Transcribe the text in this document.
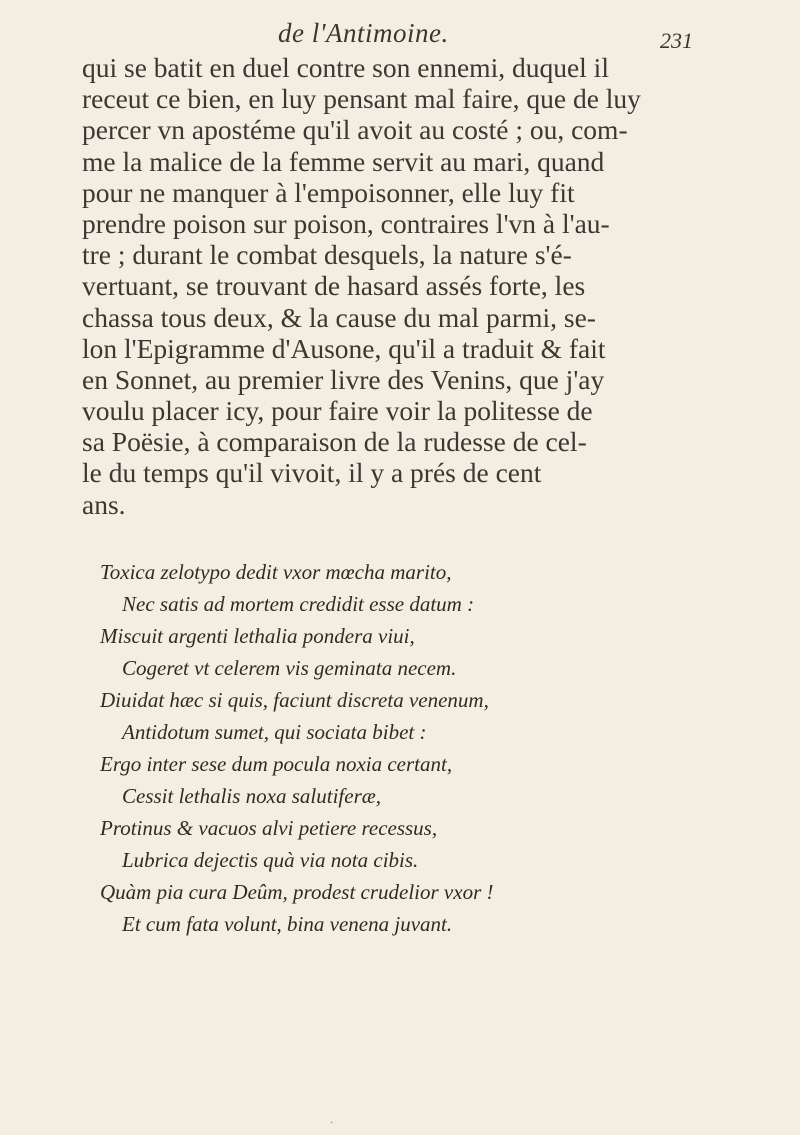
de l'Antimoine.	231
qui se batit en duel contre son ennemi, duquel il
receut ce bien, en luy pensant mal faire, que de luy
percer vn apostéme qu'il avoit au costé ; ou, com-
me la malice de la femme servit au mari, quand
pour ne manquer à l'empoisonner, elle luy fit
prendre poison sur poison, contraires l'vn à l'au-
tre ; durant le combat desquels, la nature s'é-
vertuant, se trouvant de hasard assés forte, les
chassa tous deux, & la cause du mal parmi, se-
lon l'Epigramme d'Ausone, qu'il a traduit & fait
en Sonnet, au premier livre des Venins, que j'ay
voulu placer icy, pour faire voir la politesse de
sa Poësie, à comparaison de la rudesse de cel-
le du temps qu'il vivoit, il y a prés de cent
ans.
Toxica zelotypo dedit vxor mœcha marito,
Nec satis ad mortem credidit esse datum :
Miscuit argenti lethalia pondera viui,
Cogeret vt celerem vis geminata necem.
Diuidat hæc si quis, faciunt discreta venenum,
Antidotum sumet, qui sociata bibet :
Ergo inter sese dum pocula noxia certant,
Cessit lethalis noxa salutiferæ,
Protinus & vacuos alvi petiere recessus,
Lubrica dejectis quà via nota cibis.
Quàm pia cura Deûm, prodest crudelior vxor !
Et cum fata volunt, bina venena juvant.
·
